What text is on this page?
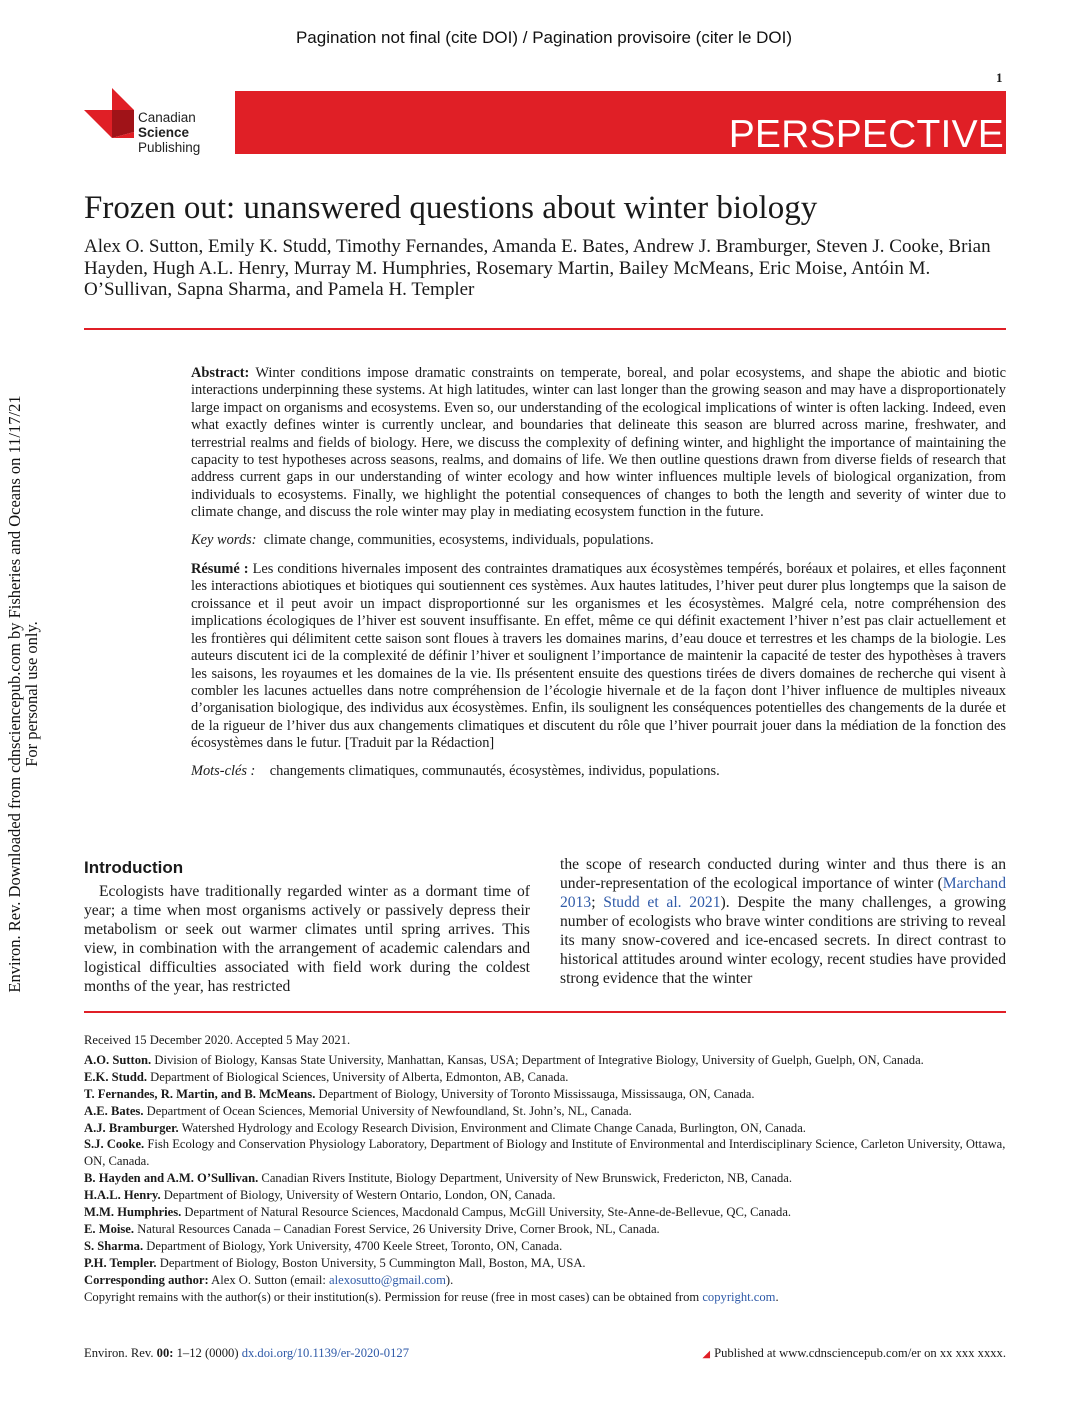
Pagination not final (cite DOI) / Pagination provisoire (citer le DOI)
1
Canadian
Science
Publishing	PERSPECTIVE
Frozen out: unanswered questions about winter biology
Alex O. Sutton, Emily K. Studd, Timothy Fernandes, Amanda E. Bates, Andrew J. Bramburger, Steven J. Cooke, Brian Hayden, Hugh A.L. Henry, Murray M. Humphries, Rosemary Martin, Bailey McMeans, Eric Moise, Antóin M. O’Sullivan, Sapna Sharma, and Pamela H. Templer

Abstract: Winter conditions impose dramatic constraints on temperate, boreal, and polar ecosystems, and shape the abiotic and biotic interactions underpinning these systems. At high latitudes, winter can last longer than the growing season and may have a disproportionately large impact on organisms and ecosystems. Even so, our understanding of the ecological implications of winter is often lacking. Indeed, even what exactly defines winter is currently unclear, and boundaries that delineate this season are blurred across marine, freshwater, and terrestrial realms and fields of biology. Here, we discuss the complexity of defining winter, and highlight the importance of maintaining the capacity to test hypotheses across seasons, realms, and domains of life. We then outline questions drawn from diverse fields of research that address current gaps in our understanding of winter ecology and how winter influences multiple levels of biological organization, from individuals to ecosystems. Finally, we highlight the potential consequences of changes to both the length and severity of winter due to climate change, and discuss the role winter may play in mediating ecosystem function in the future.

Key words: climate change, communities, ecosystems, individuals, populations.

Résumé : Les conditions hivernales imposent des contraintes dramatiques aux écosystèmes tempérés, boréaux et polaires, et elles façonnent les interactions abiotiques et biotiques qui soutiennent ces systèmes. Aux hautes latitudes, l’hiver peut durer plus longtemps que la saison de croissance et il peut avoir un impact disproportionné sur les organismes et les écosystèmes. Malgré cela, notre compréhension des implications écologiques de l’hiver est souvent insuffisante. En effet, même ce qui définit exactement l’hiver n’est pas clair actuellement et les frontières qui délimitent cette saison sont floues à travers les domaines marins, d’eau douce et terrestres et les champs de la biologie. Les auteurs discutent ici de la complexité de définir l’hiver et soulignent l’importance de maintenir la capacité de tester des hypothèses à travers les saisons, les royaumes et les domaines de la vie. Ils présentent ensuite des questions tirées de divers domaines de recherche qui visent à combler les lacunes actuelles dans notre compréhension de l’écologie hivernale et de la façon dont l’hiver influence de multiples niveaux d’organisation biologique, des individus aux écosystèmes. Enfin, ils soulignent les conséquences potentielles des changements de la durée et de la rigueur de l’hiver dus aux changements climatiques et discutent du rôle que l’hiver pourrait jouer dans la médiation de la fonction des écosystèmes dans le futur. [Traduit par la Rédaction]

Mots-clés : changements climatiques, communautés, écosystèmes, individus, populations.

Introduction
Ecologists have traditionally regarded winter as a dormant time of year; a time when most organisms actively or passively depress their metabolism or seek out warmer climates until spring arrives. This view, in combination with the arrangement of academic calendars and logistical difficulties associated with field work during the coldest months of the year, has restricted
the scope of research conducted during winter and thus there is an under-representation of the ecological importance of winter (Marchand 2013; Studd et al. 2021). Despite the many challenges, a growing number of ecologists who brave winter conditions are striving to reveal its many snow-covered and ice-encased secrets. In direct contrast to historical attitudes around winter ecology, recent studies have provided strong evidence that the winter
Received 15 December 2020. Accepted 5 May 2021.
A.O. Sutton. Division of Biology, Kansas State University, Manhattan, Kansas, USA; Department of Integrative Biology, University of Guelph, Guelph, ON, Canada.
E.K. Studd. Department of Biological Sciences, University of Alberta, Edmonton, AB, Canada.
T. Fernandes, R. Martin, and B. McMeans. Department of Biology, University of Toronto Mississauga, Mississauga, ON, Canada.
A.E. Bates. Department of Ocean Sciences, Memorial University of Newfoundland, St. John’s, NL, Canada.
A.J. Bramburger. Watershed Hydrology and Ecology Research Division, Environment and Climate Change Canada, Burlington, ON, Canada.
S.J. Cooke. Fish Ecology and Conservation Physiology Laboratory, Department of Biology and Institute of Environmental and Interdisciplinary Science, Carleton University, Ottawa, ON, Canada.
B. Hayden and A.M. O’Sullivan. Canadian Rivers Institute, Biology Department, University of New Brunswick, Fredericton, NB, Canada.
H.A.L. Henry. Department of Biology, University of Western Ontario, London, ON, Canada.
M.M. Humphries. Department of Natural Resource Sciences, Macdonald Campus, McGill University, Ste-Anne-de-Bellevue, QC, Canada.
E. Moise. Natural Resources Canada – Canadian Forest Service, 26 University Drive, Corner Brook, NL, Canada.
S. Sharma. Department of Biology, York University, 4700 Keele Street, Toronto, ON, Canada.
P.H. Templer. Department of Biology, Boston University, 5 Cummington Mall, Boston, MA, USA.
Corresponding author: Alex O. Sutton (email: alexosutto@gmail.com).
Copyright remains with the author(s) or their institution(s). Permission for reuse (free in most cases) can be obtained from copyright.com.
Environ. Rev. 00: 1–12 (0000) dx.doi.org/10.1139/er-2020-0127	◢ Published at www.cdnsciencepub.com/er on xx xxx xxxx.
Environ. Rev. Downloaded from cdnsciencepub.com by Fisheries and Oceans on 11/17/21
For personal use only.
